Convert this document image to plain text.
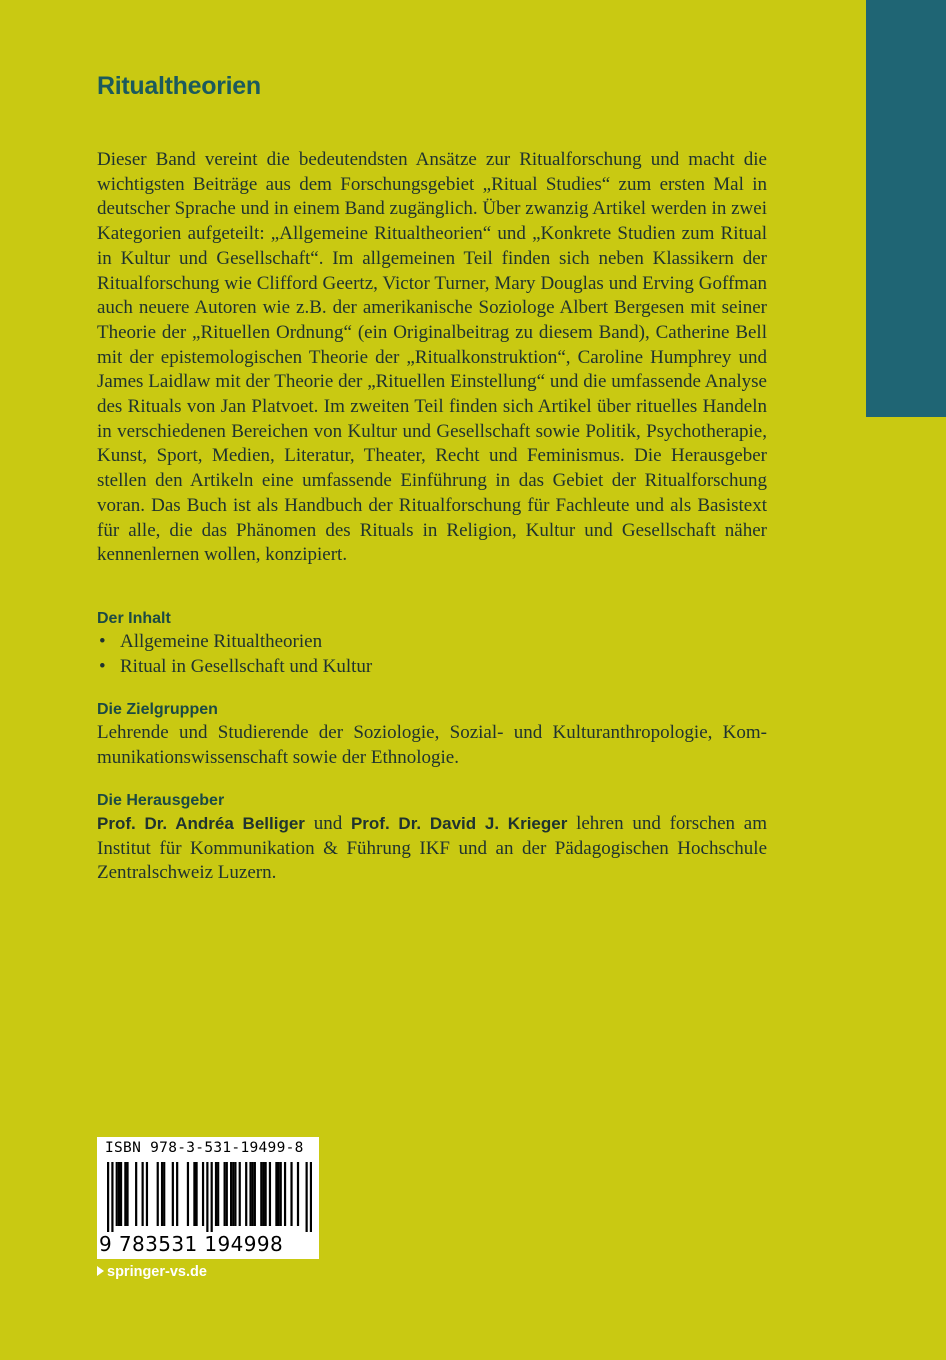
Ritualtheorien

Dieser Band vereint die bedeutendsten Ansätze zur Ritualforschung und macht die wichtigsten Beiträge aus dem Forschungsgebiet „Ritual Studies“ zum ersten Mal in deutscher Sprache und in einem Band zugänglich. Über zwanzig Artikel werden in zwei Kategorien aufgeteilt: „Allgemeine Ritualtheorien“ und „Konkrete Studien zum Ritual in Kultur und Gesellschaft“. Im allgemeinen Teil finden sich neben Klassikern der Ritualforschung wie Clifford Geertz, Victor Turner, Mary Douglas und Erving Goffman auch neuere Autoren wie z.B. der amerikanische Soziologe Albert Bergesen mit seiner Theorie der „Rituellen Ordnung“ (ein Originalbeitrag zu diesem Band), Catherine Bell mit der epistemologischen Theorie der „Ritualkonstruktion“, Caroline Humphrey und James Laidlaw mit der Theorie der „Rituellen Einstellung“ und die umfassende Analyse des Rituals von Jan Platvoet. Im zweiten Teil finden sich Artikel über rituelles Handeln in verschiedenen Bereichen von Kultur und Gesellschaft sowie Politik, Psychotherapie, Kunst, Sport, Medien, Literatur, Theater, Recht und Feminismus. Die Herausgeber stellen den Artikeln eine umfassende Einführung in das Gebiet der Ritualforschung voran. Das Buch ist als Handbuch der Ritualforschung für Fachleute und als Basistext für alle, die das Phänomen des Rituals in Religion, Kultur und Gesellschaft näher kennenlernen wollen, konzipiert.

Der Inhalt
• Allgemeine Ritualtheorien
• Ritual in Gesellschaft und Kultur
Die Zielgruppen

Lehrende und Studierende der Soziologie, Sozial- und Kulturanthropologie, Kommunikationswissenschaft sowie der Ethnologie.

Die Herausgeber

Prof. Dr. Andréa Belliger und Prof. Dr. David J. Krieger lehren und forschen am Institut für Kommunikation & Führung IKF und an der Pädagogischen Hochschule Zentralschweiz Luzern.

ISBN 978-3-531-19499-8
9 783531 194998
springer-vs.de
